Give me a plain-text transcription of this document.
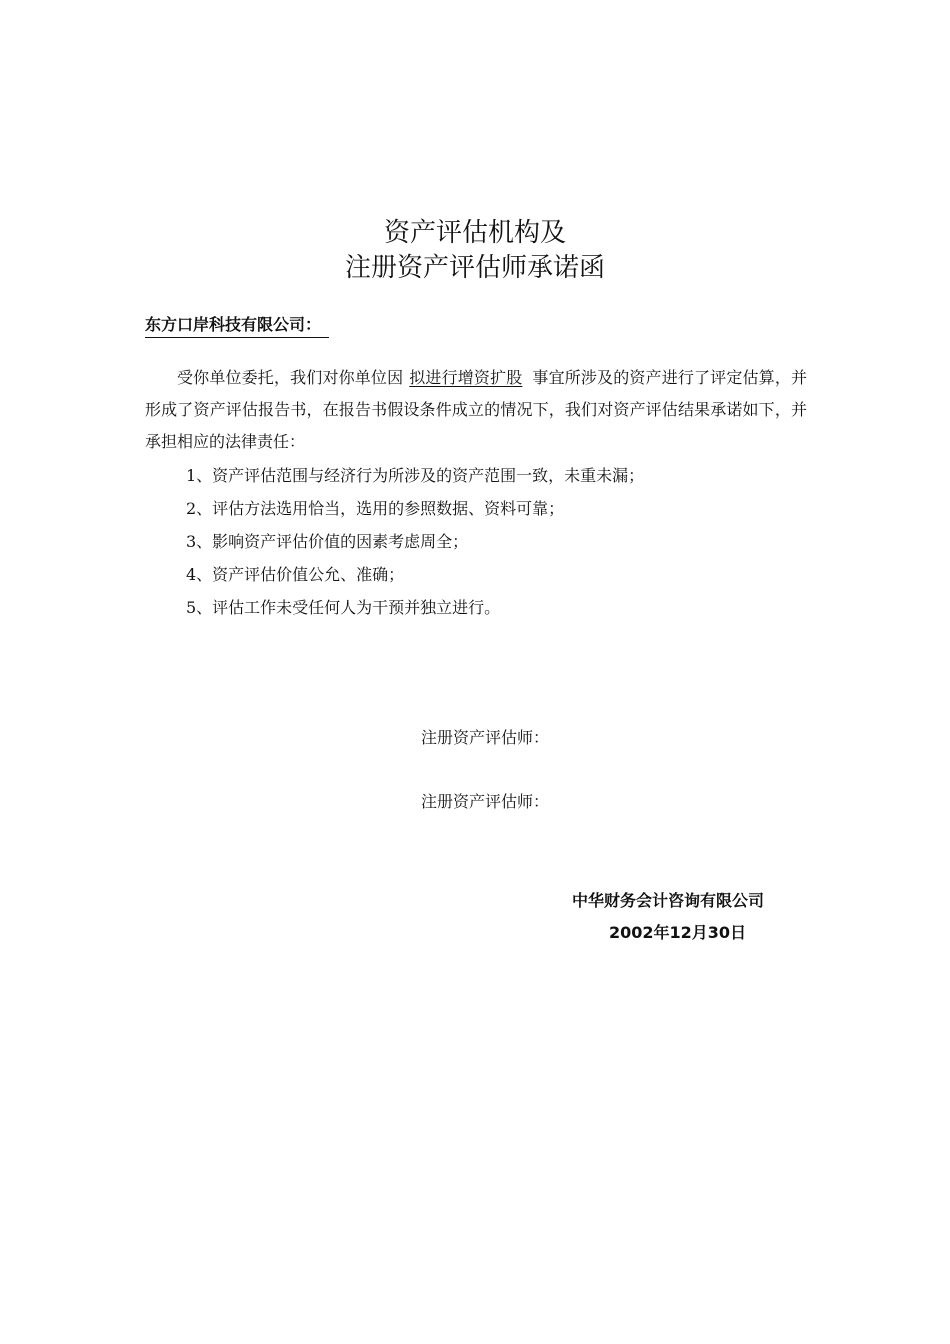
资产评估机构及
注册资产评估师承诺函
东方口岸科技有限公司：

受你单位委托，我们对你单位因 拟进行增资扩股 事宜所涉及的资产进行了评定估算，并形成了资产评估报告书，在报告书假设条件成立的情况下，我们对资产评估结果承诺如下，并承担相应的法律责任：

1、资产评估范围与经济行为所涉及的资产范围一致，未重未漏；
2、评估方法选用恰当，选用的参照数据、资料可靠；
3、影响资产评估价值的因素考虑周全；
4、资产评估价值公允、准确；
5、评估工作未受任何人为干预并独立进行。
注册资产评估师：
注册资产评估师：
中华财务会计咨询有限公司
2002年12月30日
